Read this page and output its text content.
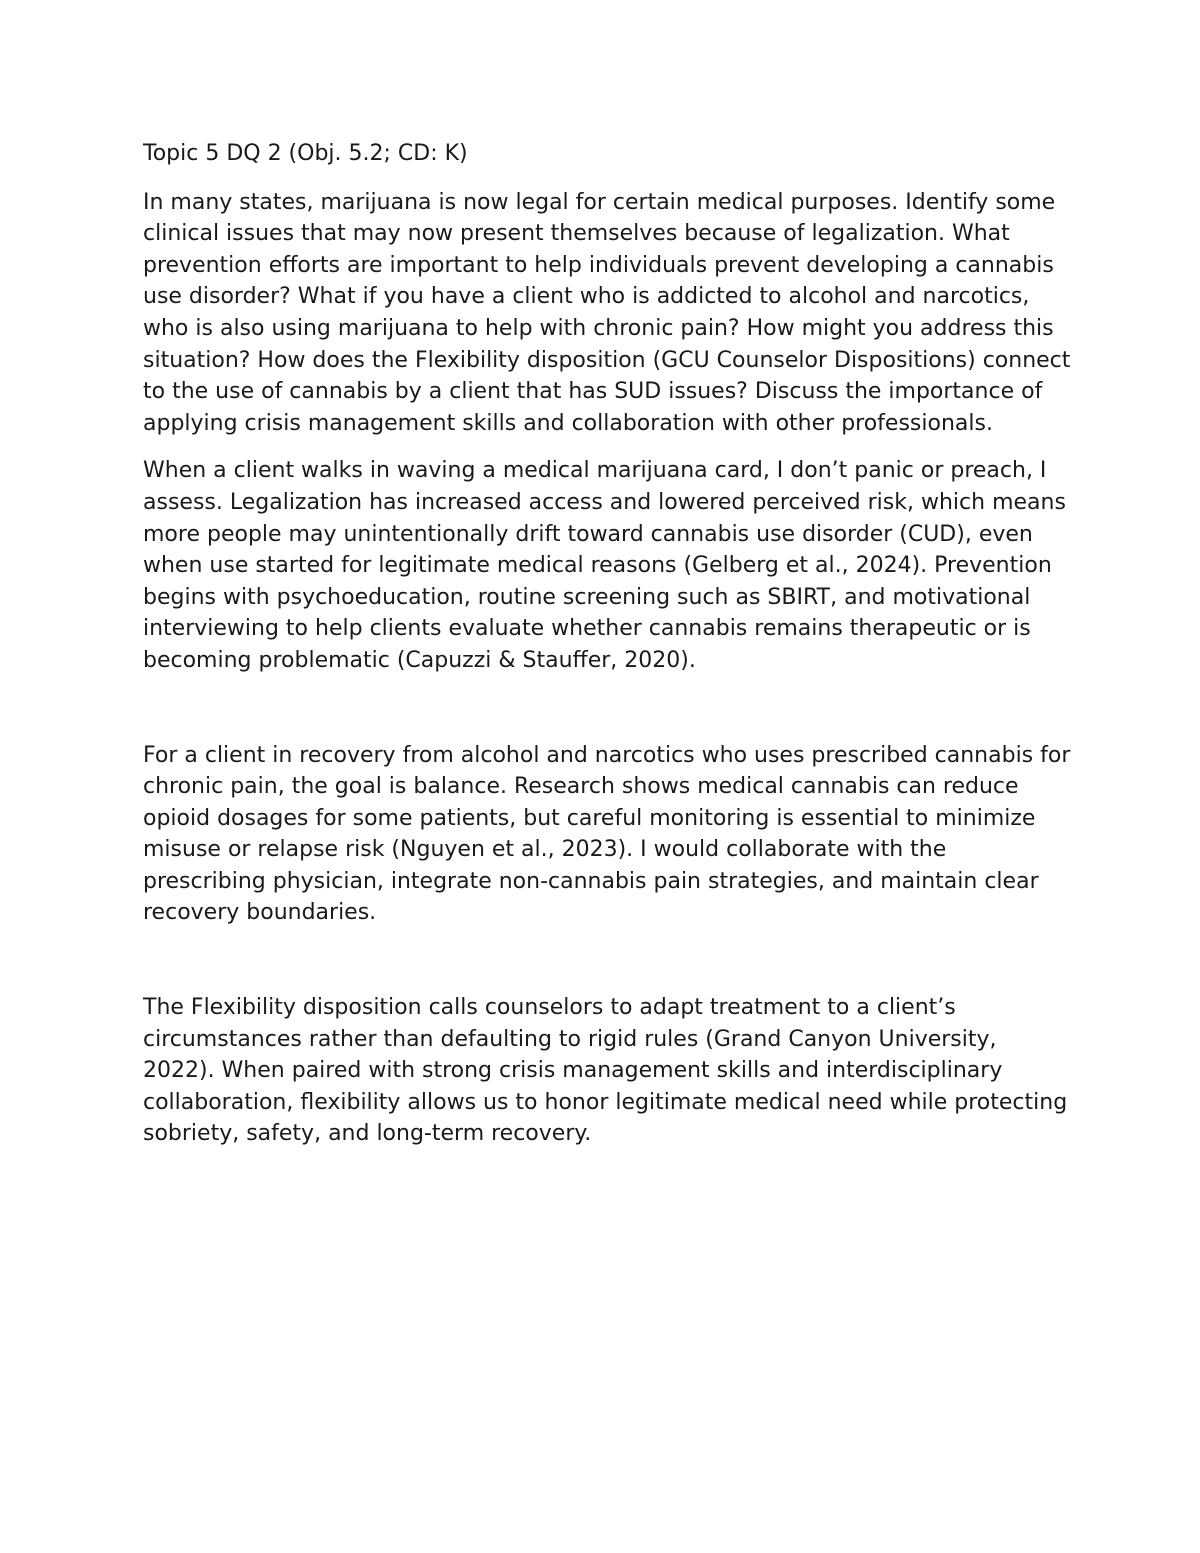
Topic 5 DQ 2 (Obj. 5.2; CD: K)

In many states, marijuana is now legal for certain medical purposes. Identify some clinical issues that may now present themselves because of legalization. What prevention efforts are important to help individuals prevent developing a cannabis use disorder? What if you have a client who is addicted to alcohol and narcotics, who is also using marijuana to help with chronic pain? How might you address this situation? How does the Flexibility disposition (GCU Counselor Dispositions) connect to the use of cannabis by a client that has SUD issues? Discuss the importance of applying crisis management skills and collaboration with other professionals.

When a client walks in waving a medical marijuana card, I don’t panic or preach, I assess. Legalization has increased access and lowered perceived risk, which means more people may unintentionally drift toward cannabis use disorder (CUD), even when use started for legitimate medical reasons (Gelberg et al., 2024). Prevention begins with psychoeducation, routine screening such as SBIRT, and motivational interviewing to help clients evaluate whether cannabis remains therapeutic or is becoming problematic (Capuzzi & Stauffer, 2020).

For a client in recovery from alcohol and narcotics who uses prescribed cannabis for chronic pain, the goal is balance. Research shows medical cannabis can reduce opioid dosages for some patients, but careful monitoring is essential to minimize misuse or relapse risk (Nguyen et al., 2023). I would collaborate with the prescribing physician, integrate non-cannabis pain strategies, and maintain clear recovery boundaries.

The Flexibility disposition calls counselors to adapt treatment to a client’s circumstances rather than defaulting to rigid rules (Grand Canyon University, 2022). When paired with strong crisis management skills and interdisciplinary collaboration, flexibility allows us to honor legitimate medical need while protecting sobriety, safety, and long-term recovery.
